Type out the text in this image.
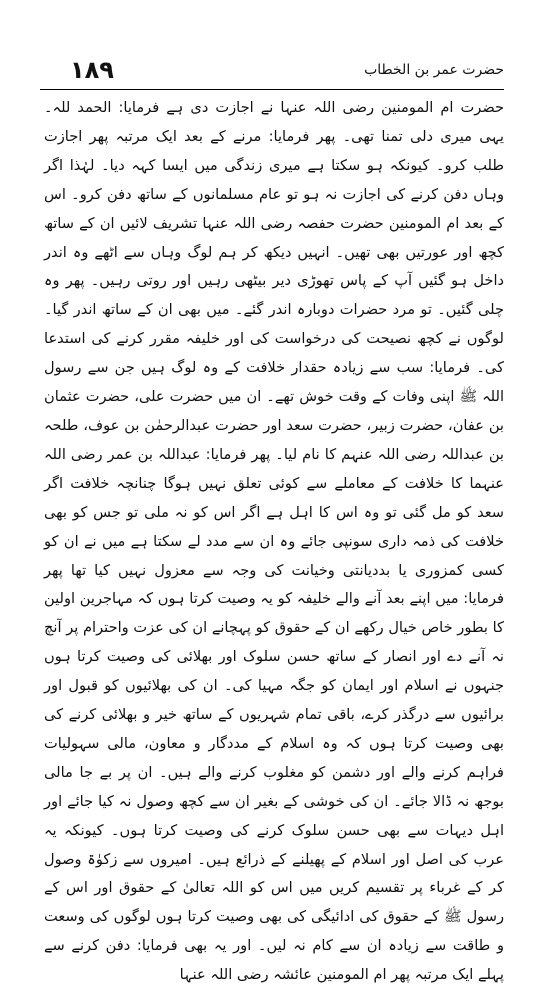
۱۸۹	حضرت عمر بن الخطاب

حضرت ام المومنین رضی اللہ عنہا نے اجازت دی ہے فرمایا: الحمد للہ۔ یہی میری دلی تمنا تھی۔ پھر فرمایا: مرنے کے بعد ایک مرتبہ پھر اجازت طلب کرو۔ کیونکہ ہو سکتا ہے میری زندگی میں ایسا کہہ دیا۔ لہٰذا اگر وہاں دفن کرنے کی اجازت نہ ہو تو عام مسلمانوں کے ساتھ دفن کرو۔ اس کے بعد ام المومنین حضرت حفصہ رضی اللہ عنہا تشریف لائیں ان کے ساتھ کچھ اور عورتیں بھی تھیں۔ انہیں دیکھ کر ہم لوگ وہاں سے اٹھے وہ اندر داخل ہو گئیں آپ کے پاس تھوڑی دیر بیٹھی رہیں اور روتی رہیں۔ پھر وہ چلی گئیں۔ تو مرد حضرات دوبارہ اندر گئے۔ میں بھی ان کے ساتھ اندر گیا۔ لوگوں نے کچھ نصیحت کی درخواست کی اور خلیفہ مقرر کرنے کی استدعا کی۔ فرمایا: سب سے زیادہ حقدار خلافت کے وہ لوگ ہیں جن سے رسول اللہ ﷺ اپنی وفات کے وقت خوش تھے۔ ان میں حضرت علی، حضرت عثمان بن عفان، حضرت زبیر، حضرت سعد اور حضرت عبدالرحمٰن بن عوف، طلحہ بن عبداللہ رضی اللہ عنہم کا نام لیا۔ پھر فرمایا: عبداللہ بن عمر رضی اللہ عنہما کا خلافت کے معاملے سے کوئی تعلق نہیں ہوگا چنانچہ خلافت اگر سعد کو مل گئی تو وہ اس کا اہل ہے اگر اس کو نہ ملی تو جس کو بھی خلافت کی ذمہ داری سونپی جائے وہ ان سے مدد لے سکتا ہے میں نے ان کو کسی کمزوری یا بددیانتی وخیانت کی وجہ سے معزول نہیں کیا تھا پھر فرمایا: میں اپنے بعد آنے والے خلیفہ کو یہ وصیت کرتا ہوں کہ مہاجرین اولین کا بطور خاص خیال رکھے ان کے حقوق کو پہچانے ان کی عزت واحترام پر آنچ نہ آنے دے اور انصار کے ساتھ حسن سلوک اور بھلائی کی وصیت کرتا ہوں جنہوں نے اسلام اور ایمان کو جگہ مہیا کی۔ ان کی بھلائیوں کو قبول اور برائیوں سے درگذر کرے، باقی تمام شہریوں کے ساتھ خیر و بھلائی کرنے کی بھی وصیت کرتا ہوں کہ وہ اسلام کے مددگار و معاون، مالی سہولیات فراہم کرنے والے اور دشمن کو مغلوب کرنے والے ہیں۔ ان پر بے جا مالی بوجھ نہ ڈالا جائے۔ ان کی خوشی کے بغیر ان سے کچھ وصول نہ کیا جائے اور اہل دیہات سے بھی حسن سلوک کرنے کی وصیت کرتا ہوں۔ کیونکہ یہ عرب کی اصل اور اسلام کے پھیلنے کے ذرائع ہیں۔ امیروں سے زکوٰۃ وصول کر کے غرباء پر تقسیم کریں میں اس کو اللہ تعالیٰ کے حقوق اور اس کے رسول ﷺ کے حقوق کی ادائیگی کی بھی وصیت کرتا ہوں لوگوں کی وسعت و طاقت سے زیادہ ان سے کام نہ لیں۔ اور یہ بھی فرمایا: دفن کرنے سے پہلے ایک مرتبہ پھر ام المومنین عائشہ رضی اللہ عنہا
